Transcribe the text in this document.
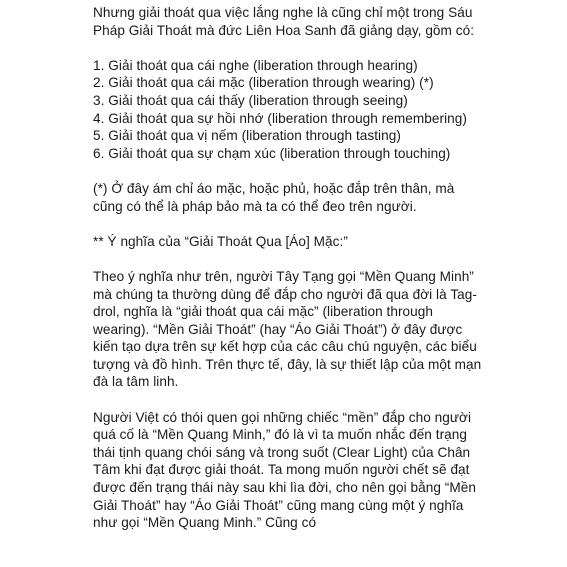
Nhưng giải thoát qua việc lắng nghe là cũng chỉ một trong Sáu Pháp Giải Thoát mà đức Liên Hoa Sanh đã giảng dạy, gồm có:

1. Giải thoát qua cái nghe (liberation through hearing)
2. Giải thoát qua cái mặc (liberation through wearing) (*)
3. Giải thoát qua cái thấy (liberation through seeing)
4. Giải thoát qua sự hồi nhớ (liberation through remembering)
5. Giải thoát qua vị nếm (liberation through tasting)
6. Giải thoát qua sự chạm xúc (liberation through touching)

(*) Ở đây ám chỉ áo mặc, hoặc phủ, hoặc đắp trên thân, mà cũng có thể là pháp bảo mà ta có thể đeo trên người.

** Ý nghĩa của “Giải Thoát Qua [Áo] Mặc:”

Theo ý nghĩa như trên, người Tây Tạng gọi “Mền Quang Minh” mà chúng ta thường dùng để đắp cho người đã qua đời là Tag-drol, nghĩa là “giải thoát qua cái mặc” (liberation through wearing). “Mền Giải Thoát” (hay “Áo Giải Thoát”) ở đây được kiến tạo dựa trên sự kết hợp của các câu chú nguyện, các biểu tượng và đồ hình. Trên thực tế, đây, là sự thiết lập của một mạn đà la tâm linh.

Người Việt có thói quen gọi những chiếc “mền” đắp cho người quá cố là “Mền Quang Minh,” đó là vì ta muốn nhắc đến trạng thái tịnh quang chói sáng và trong suốt (Clear Light) của Chân Tâm khi đạt được giải thoát. Ta mong muốn người chết sẽ đạt được đến trạng thái này sau khi lìa đời, cho nên gọi bằng “Mền Giải Thoát” hay “Áo Giải Thoát” cũng mang cùng một ý nghĩa như gọi “Mền Quang Minh.” Cũng có
